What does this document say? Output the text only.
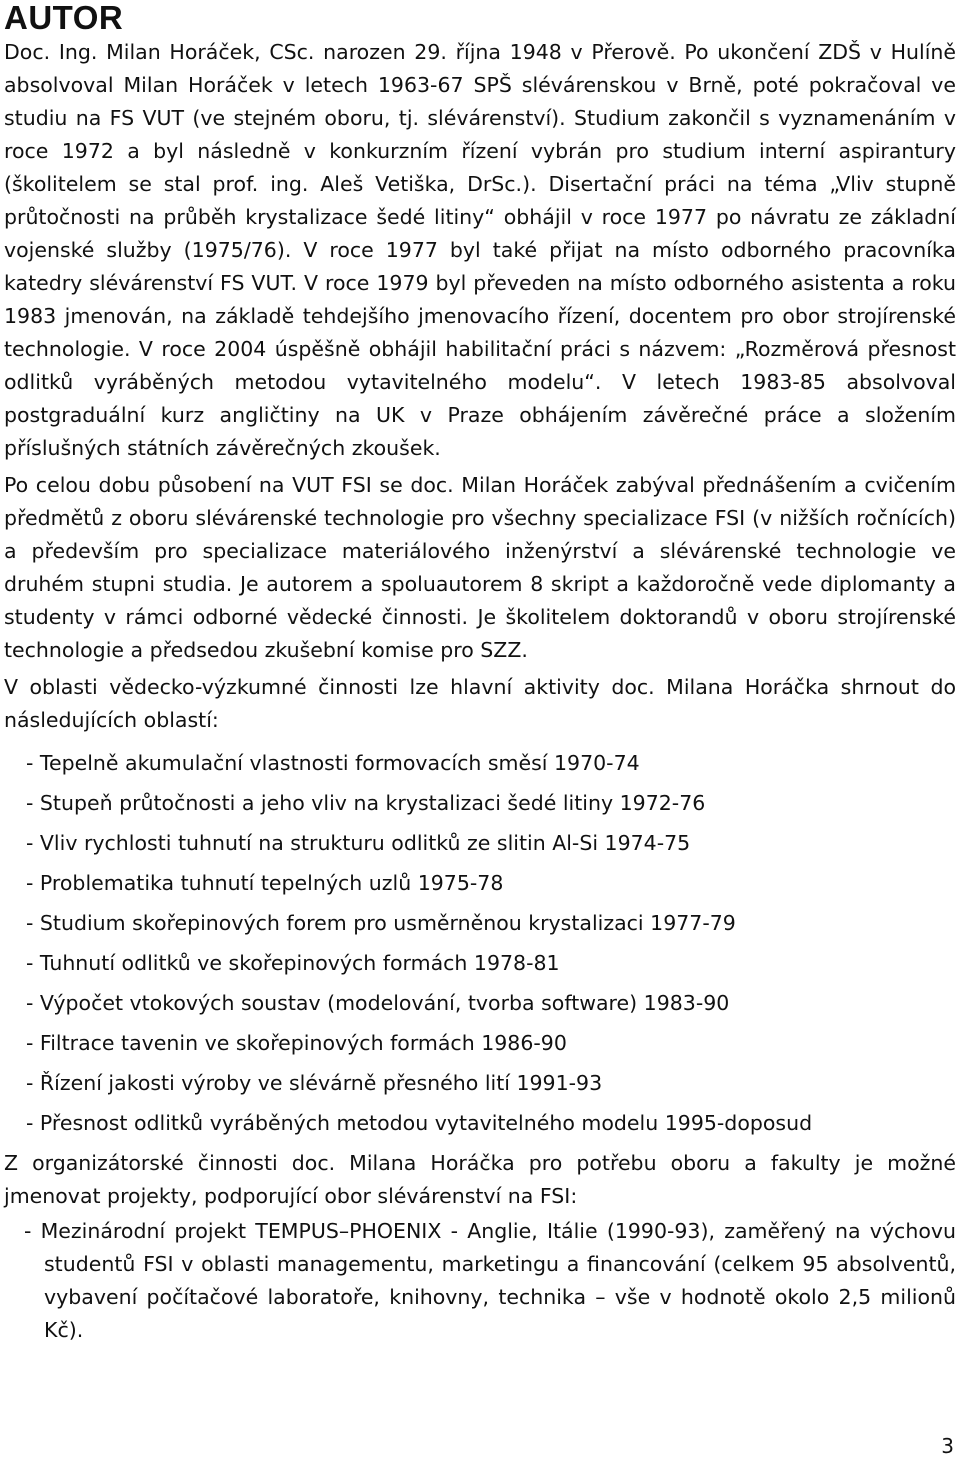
AUTOR

Doc. Ing. Milan Horáček, CSc. narozen 29. října 1948 v Přerově. Po ukončení ZDŠ v Hulíně absolvoval Milan Horáček v letech 1963-67 SPŠ slévárenskou v Brně, poté pokračoval ve studiu na FS VUT (ve stejném oboru, tj. slévárenství). Studium zakončil s vyznamenáním v roce 1972 a byl následně v konkurzním řízení vybrán pro studium interní aspirantury (školitelem se stal prof. ing. Aleš Vetiška, DrSc.). Disertační práci na téma „Vliv stupně průtočnosti na průběh krystalizace šedé litiny“ obhájil v roce 1977 po návratu ze základní vojenské služby (1975/76). V roce 1977 byl také přijat na místo odborného pracovníka katedry slévárenství FS VUT. V roce 1979 byl převeden na místo odborného asistenta a roku 1983 jmenován, na základě tehdejšího jmenovacího řízení, docentem pro obor strojírenské technologie. V roce 2004 úspěšně obhájil habilitační práci s názvem: „Rozměrová přesnost odlitků vyráběných metodou vytavitelného modelu“. V letech 1983-85 absolvoval postgraduální kurz angličtiny na UK v Praze obhájením závěrečné práce a složením příslušných státních závěrečných zkoušek.

Po celou dobu působení na VUT FSI se doc. Milan Horáček zabýval přednášením a cvičením předmětů z oboru slévárenské technologie pro všechny specializace FSI (v nižších ročnících) a především pro specializace materiálového inženýrství a slévárenské technologie ve druhém stupni studia. Je autorem a spoluautorem 8 skript a každoročně vede diplomanty a studenty v rámci odborné vědecké činnosti. Je školitelem doktorandů v oboru strojírenské technologie a předsedou zkušební komise pro SZZ.

V oblasti vědecko-výzkumné činnosti lze hlavní aktivity doc. Milana Horáčka shrnout do následujících oblastí:

- Tepelně akumulační vlastnosti formovacích směsí 1970-74
- Stupeň průtočnosti a jeho vliv na krystalizaci šedé litiny 1972-76
- Vliv rychlosti tuhnutí na strukturu odlitků ze slitin Al-Si 1974-75
- Problematika tuhnutí tepelných uzlů 1975-78
- Studium skořepinových forem pro usměrněnou krystalizaci 1977-79
- Tuhnutí odlitků ve skořepinových formách 1978-81
- Výpočet vtokových soustav (modelování, tvorba software) 1983-90
- Filtrace tavenin ve skořepinových formách 1986-90
- Řízení jakosti výroby ve slévárně přesného lití 1991-93
- Přesnost odlitků vyráběných metodou vytavitelného modelu 1995-doposud

Z organizátorské činnosti doc. Milana Horáčka pro potřebu oboru a fakulty je možné jmenovat projekty, podporující obor slévárenství na FSI:

- Mezinárodní projekt TEMPUS–PHOENIX - Anglie, Itálie (1990-93), zaměřený na výchovu studentů FSI v oblasti managementu, marketingu a financování (celkem 95 absolventů, vybavení počítačové laboratoře, knihovny, technika – vše v hodnotě okolo 2,5 milionů Kč).
3
